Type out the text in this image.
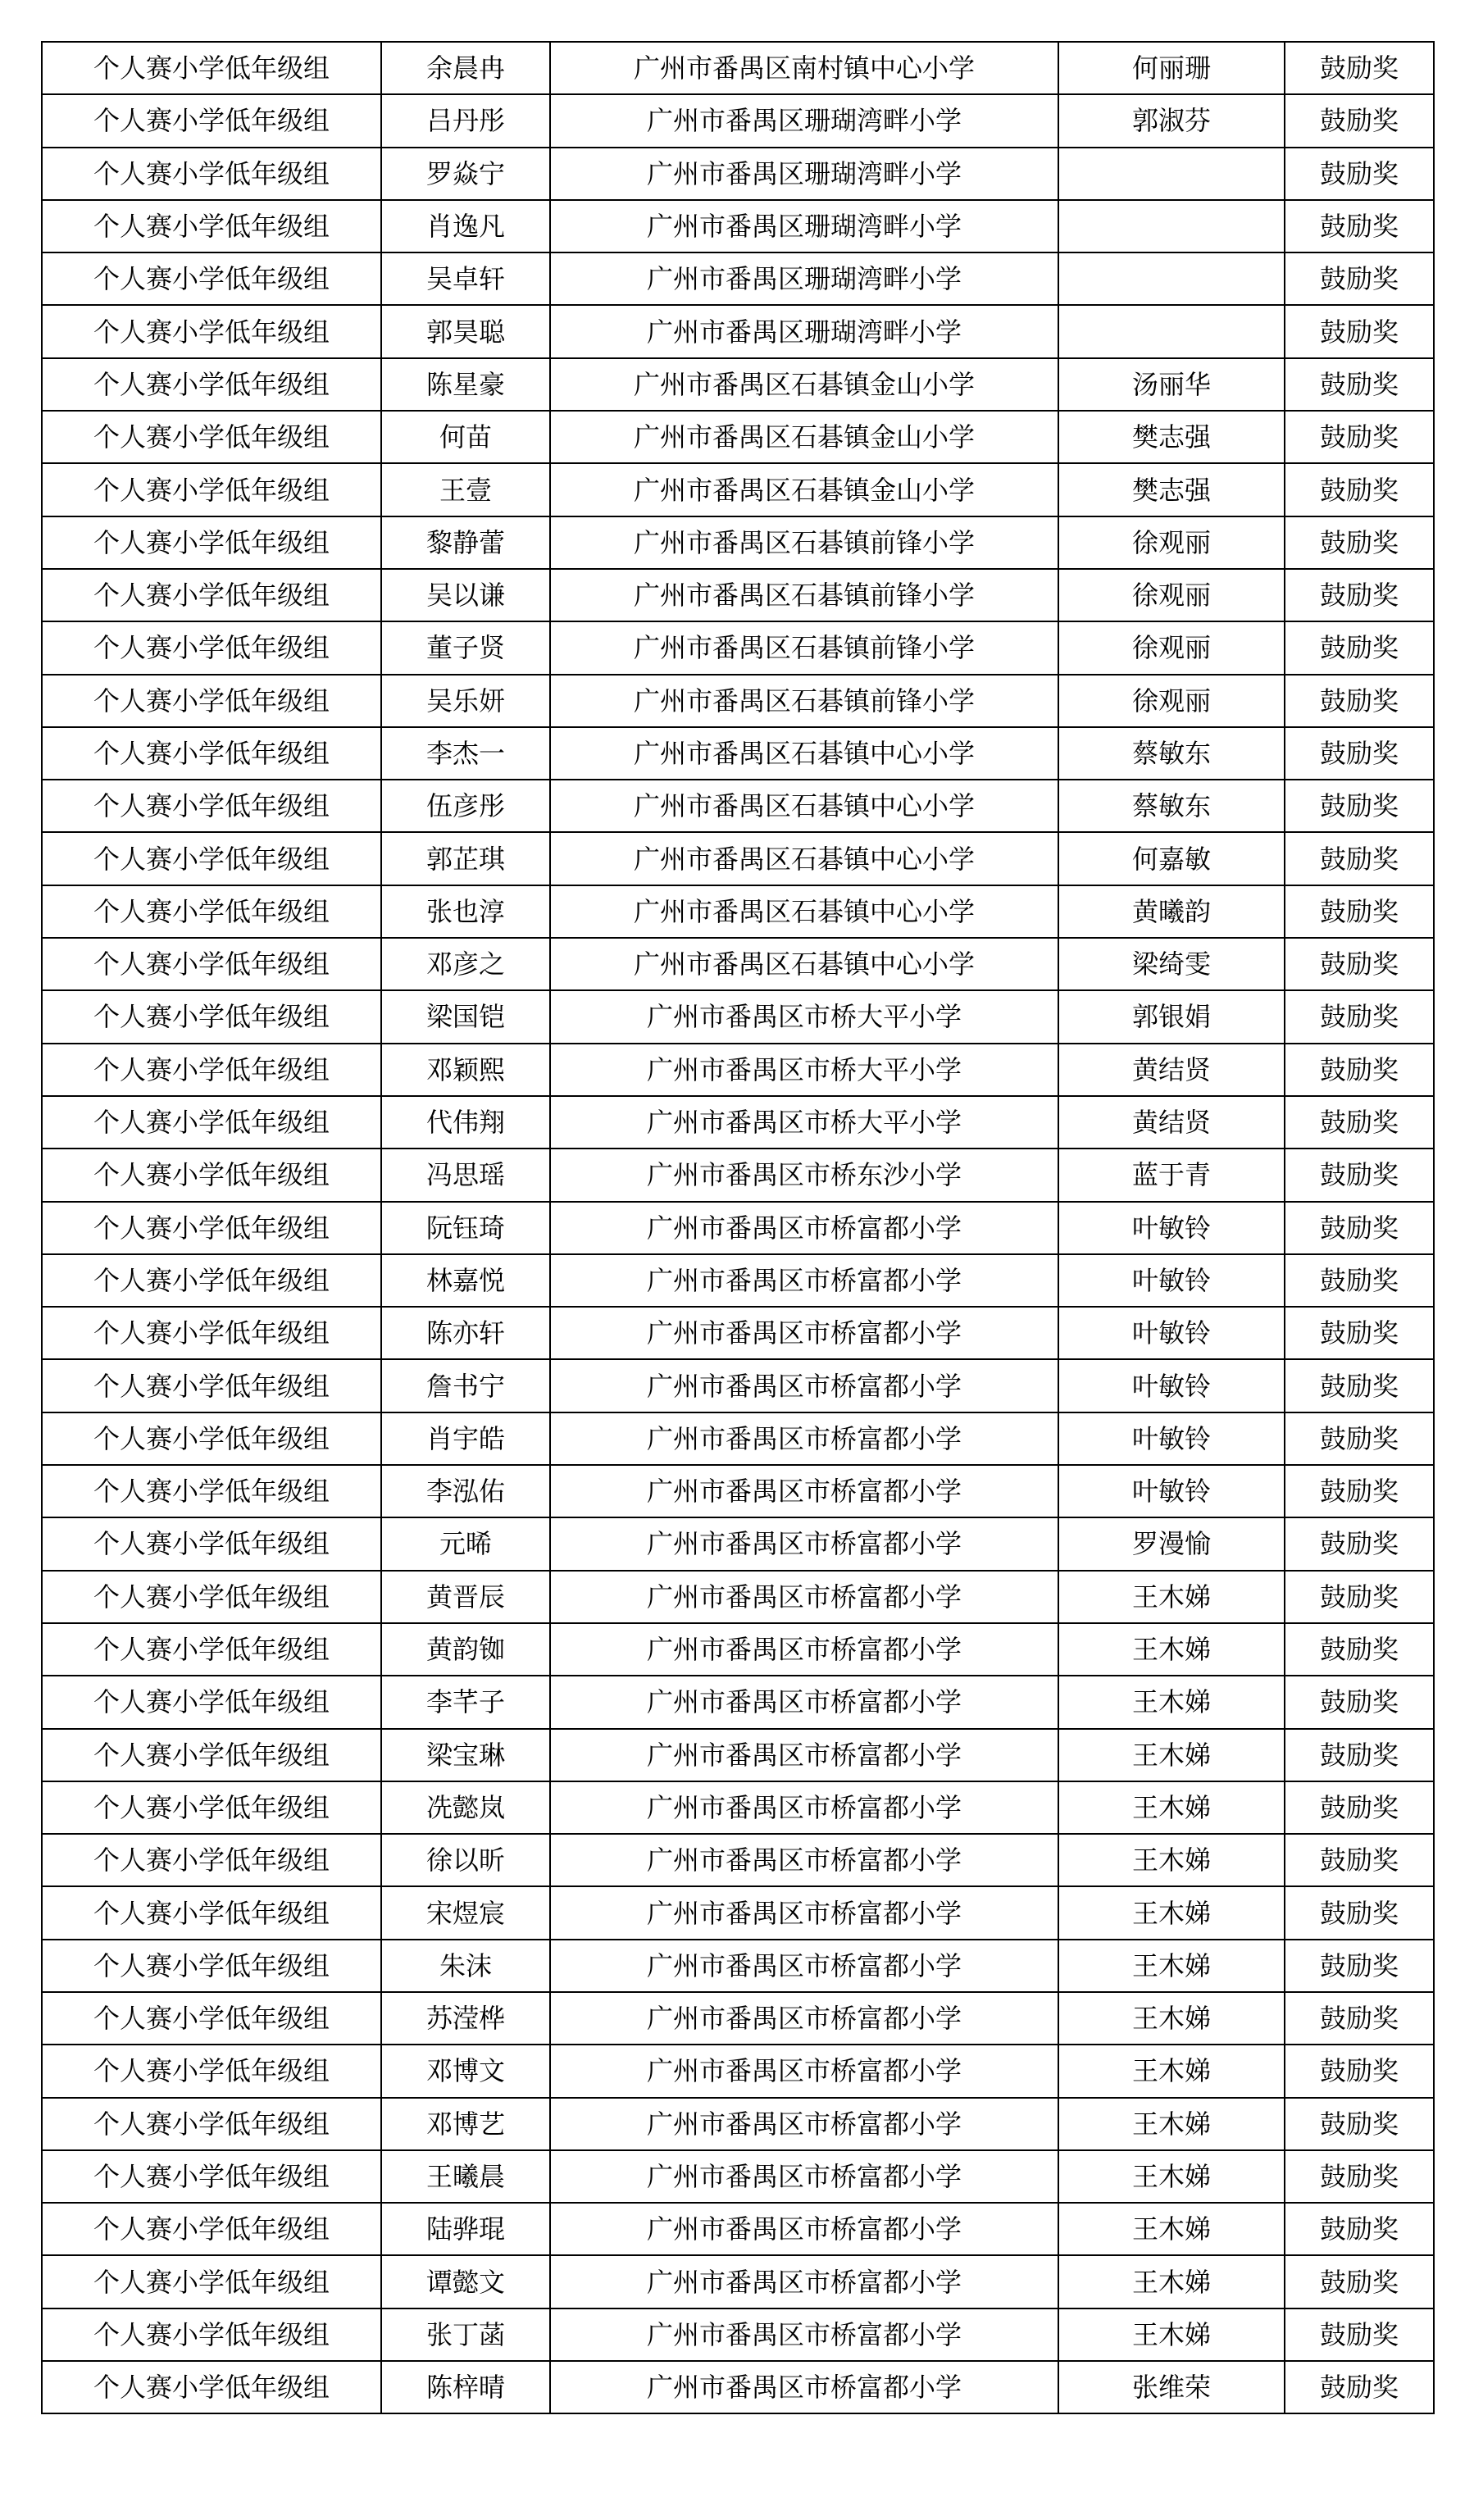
个人赛小学低年级组	余晨冉	广州市番禺区南村镇中心小学	何丽珊	鼓励奖
个人赛小学低年级组	吕丹彤	广州市番禺区珊瑚湾畔小学	郭淑芬	鼓励奖
个人赛小学低年级组	罗焱宁	广州市番禺区珊瑚湾畔小学		鼓励奖
个人赛小学低年级组	肖逸凡	广州市番禺区珊瑚湾畔小学		鼓励奖
个人赛小学低年级组	吴卓轩	广州市番禺区珊瑚湾畔小学		鼓励奖
个人赛小学低年级组	郭昊聪	广州市番禺区珊瑚湾畔小学		鼓励奖
个人赛小学低年级组	陈星豪	广州市番禺区石碁镇金山小学	汤丽华	鼓励奖
个人赛小学低年级组	何苗	广州市番禺区石碁镇金山小学	樊志强	鼓励奖
个人赛小学低年级组	王壹	广州市番禺区石碁镇金山小学	樊志强	鼓励奖
个人赛小学低年级组	黎静蕾	广州市番禺区石碁镇前锋小学	徐观丽	鼓励奖
个人赛小学低年级组	吴以谦	广州市番禺区石碁镇前锋小学	徐观丽	鼓励奖
个人赛小学低年级组	董子贤	广州市番禺区石碁镇前锋小学	徐观丽	鼓励奖
个人赛小学低年级组	吴乐妍	广州市番禺区石碁镇前锋小学	徐观丽	鼓励奖
个人赛小学低年级组	李杰一	广州市番禺区石碁镇中心小学	蔡敏东	鼓励奖
个人赛小学低年级组	伍彦彤	广州市番禺区石碁镇中心小学	蔡敏东	鼓励奖
个人赛小学低年级组	郭芷琪	广州市番禺区石碁镇中心小学	何嘉敏	鼓励奖
个人赛小学低年级组	张也淳	广州市番禺区石碁镇中心小学	黄曦韵	鼓励奖
个人赛小学低年级组	邓彦之	广州市番禺区石碁镇中心小学	梁绮雯	鼓励奖
个人赛小学低年级组	梁国铠	广州市番禺区市桥大平小学	郭银娟	鼓励奖
个人赛小学低年级组	邓颖熙	广州市番禺区市桥大平小学	黄结贤	鼓励奖
个人赛小学低年级组	代伟翔	广州市番禺区市桥大平小学	黄结贤	鼓励奖
个人赛小学低年级组	冯思瑶	广州市番禺区市桥东沙小学	蓝于青	鼓励奖
个人赛小学低年级组	阮钰琦	广州市番禺区市桥富都小学	叶敏铃	鼓励奖
个人赛小学低年级组	林嘉悦	广州市番禺区市桥富都小学	叶敏铃	鼓励奖
个人赛小学低年级组	陈亦轩	广州市番禺区市桥富都小学	叶敏铃	鼓励奖
个人赛小学低年级组	詹书宁	广州市番禺区市桥富都小学	叶敏铃	鼓励奖
个人赛小学低年级组	肖宇皓	广州市番禺区市桥富都小学	叶敏铃	鼓励奖
个人赛小学低年级组	李泓佑	广州市番禺区市桥富都小学	叶敏铃	鼓励奖
个人赛小学低年级组	元晞	广州市番禺区市桥富都小学	罗漫愉	鼓励奖
个人赛小学低年级组	黄晋辰	广州市番禺区市桥富都小学	王木娣	鼓励奖
个人赛小学低年级组	黄韵铷	广州市番禺区市桥富都小学	王木娣	鼓励奖
个人赛小学低年级组	李芊子	广州市番禺区市桥富都小学	王木娣	鼓励奖
个人赛小学低年级组	梁宝琳	广州市番禺区市桥富都小学	王木娣	鼓励奖
个人赛小学低年级组	冼懿岚	广州市番禺区市桥富都小学	王木娣	鼓励奖
个人赛小学低年级组	徐以昕	广州市番禺区市桥富都小学	王木娣	鼓励奖
个人赛小学低年级组	宋煜宸	广州市番禺区市桥富都小学	王木娣	鼓励奖
个人赛小学低年级组	朱沫	广州市番禺区市桥富都小学	王木娣	鼓励奖
个人赛小学低年级组	苏滢桦	广州市番禺区市桥富都小学	王木娣	鼓励奖
个人赛小学低年级组	邓博文	广州市番禺区市桥富都小学	王木娣	鼓励奖
个人赛小学低年级组	邓博艺	广州市番禺区市桥富都小学	王木娣	鼓励奖
个人赛小学低年级组	王曦晨	广州市番禺区市桥富都小学	王木娣	鼓励奖
个人赛小学低年级组	陆骅琨	广州市番禺区市桥富都小学	王木娣	鼓励奖
个人赛小学低年级组	谭懿文	广州市番禺区市桥富都小学	王木娣	鼓励奖
个人赛小学低年级组	张丁菡	广州市番禺区市桥富都小学	王木娣	鼓励奖
个人赛小学低年级组	陈梓晴	广州市番禺区市桥富都小学	张维荣	鼓励奖
